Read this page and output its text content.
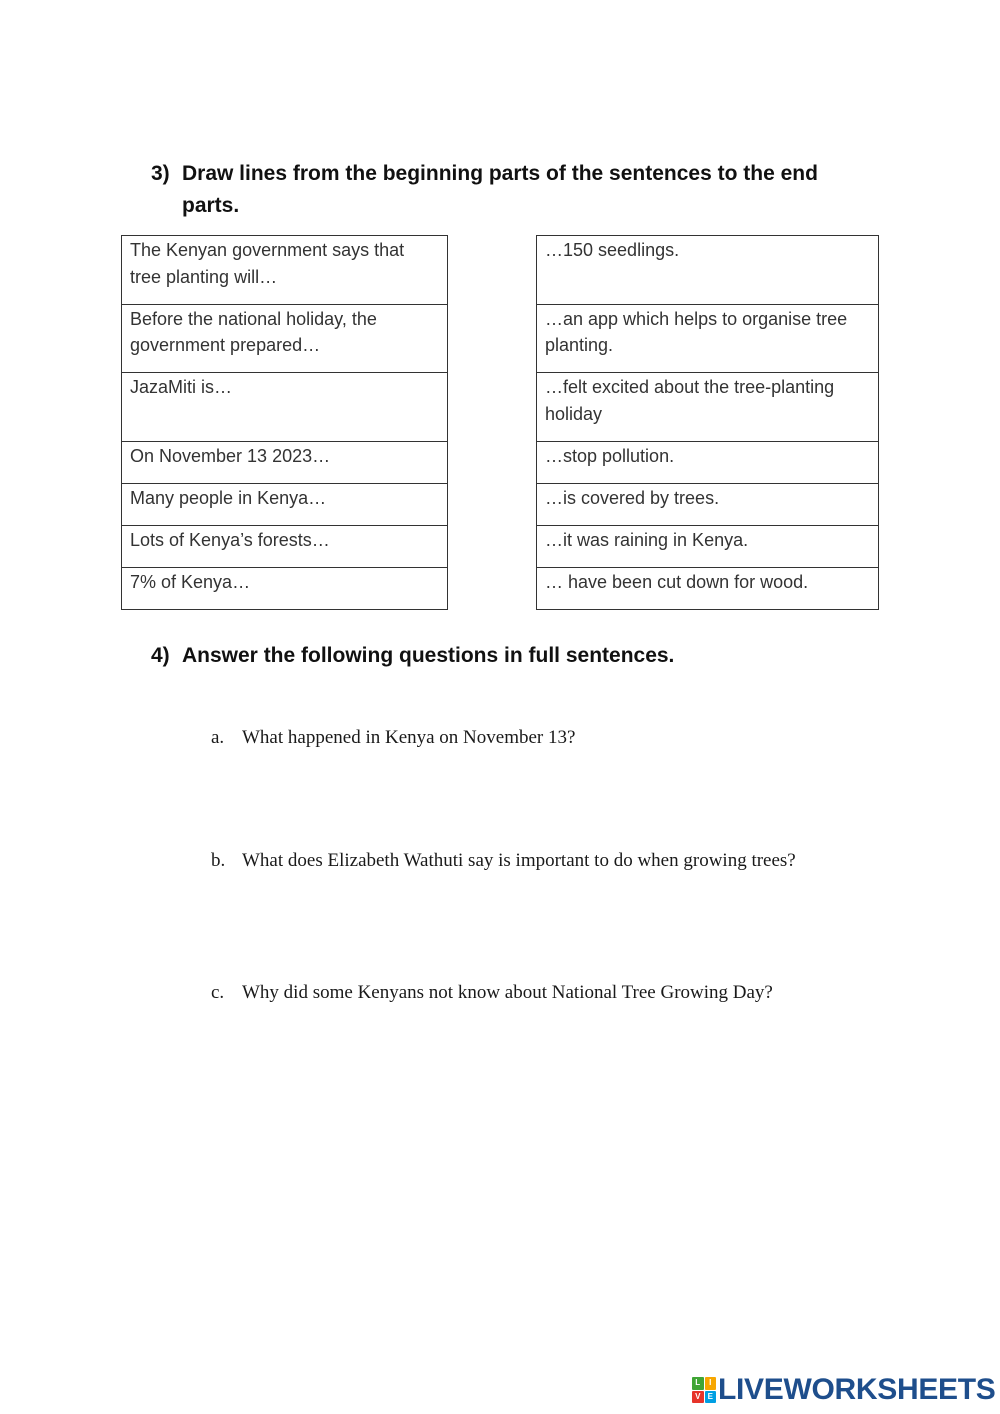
3) Draw lines from the beginning parts of the sentences to the end parts.
The Kenyan government says that tree planting will…
Before the national holiday, the government prepared…
JazaMiti is…
On November 13 2023…
Many people in Kenya…
Lots of Kenya’s forests…
7% of Kenya…
…150 seedlings.
…an app which helps to organise tree planting.
…felt excited about the tree-planting holiday
…stop pollution.
…is covered by trees.
…it was raining in Kenya.
… have been cut down for wood.
4) Answer the following questions in full sentences.
a. What happened in Kenya on November 13?
b. What does Elizabeth Wathuti say is important to do when growing trees?
c. Why did some Kenyans not know about National Tree Growing Day?
L	I
V E LIVEWORKSHEETS
